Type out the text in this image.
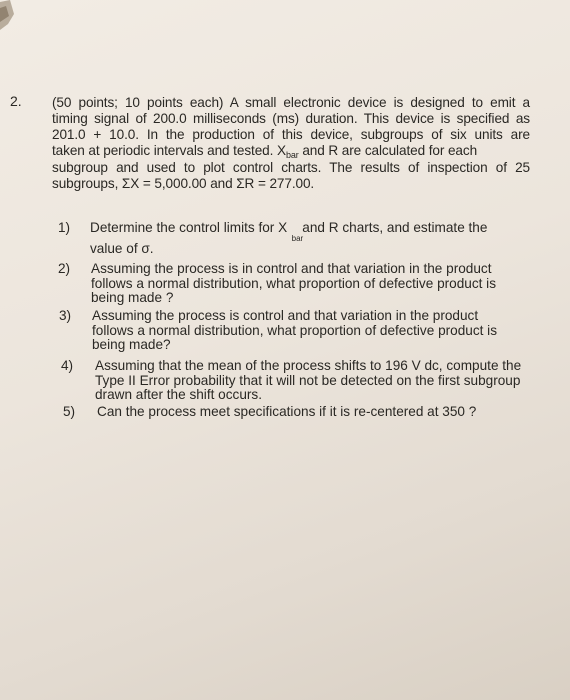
2. (50 points; 10 points each) A small electronic device is designed to emit a
timing signal of 200.0 milliseconds (ms) duration. This device is specified as
201.0 + 10.0. In the production of this device, subgroups of six units are
taken at periodic intervals and tested. $X_{bar}$ and R are calculated for each
subgroup and used to plot control charts. The results of inspection of 25
subgroups, ΣX = 5,000.00 and ΣR = 277.00.
1) Determine the control limits for X
bar
and R charts, and estimate the
value of σ.
2) Assuming the process is in control and that variation in the product
follows a normal distribution, what proportion of defective product is
being made ?
3) Assuming the process is control and that variation in the product
follows a normal distribution, what proportion of defective product is
being made?
4) Assuming that the mean of the process shifts to 196 V dc, compute the
Type II Error probability that it will not be detected on the first subgroup
drawn after the shift occurs.
5) Can the process meet specifications if it is re-centered at 350 ?
